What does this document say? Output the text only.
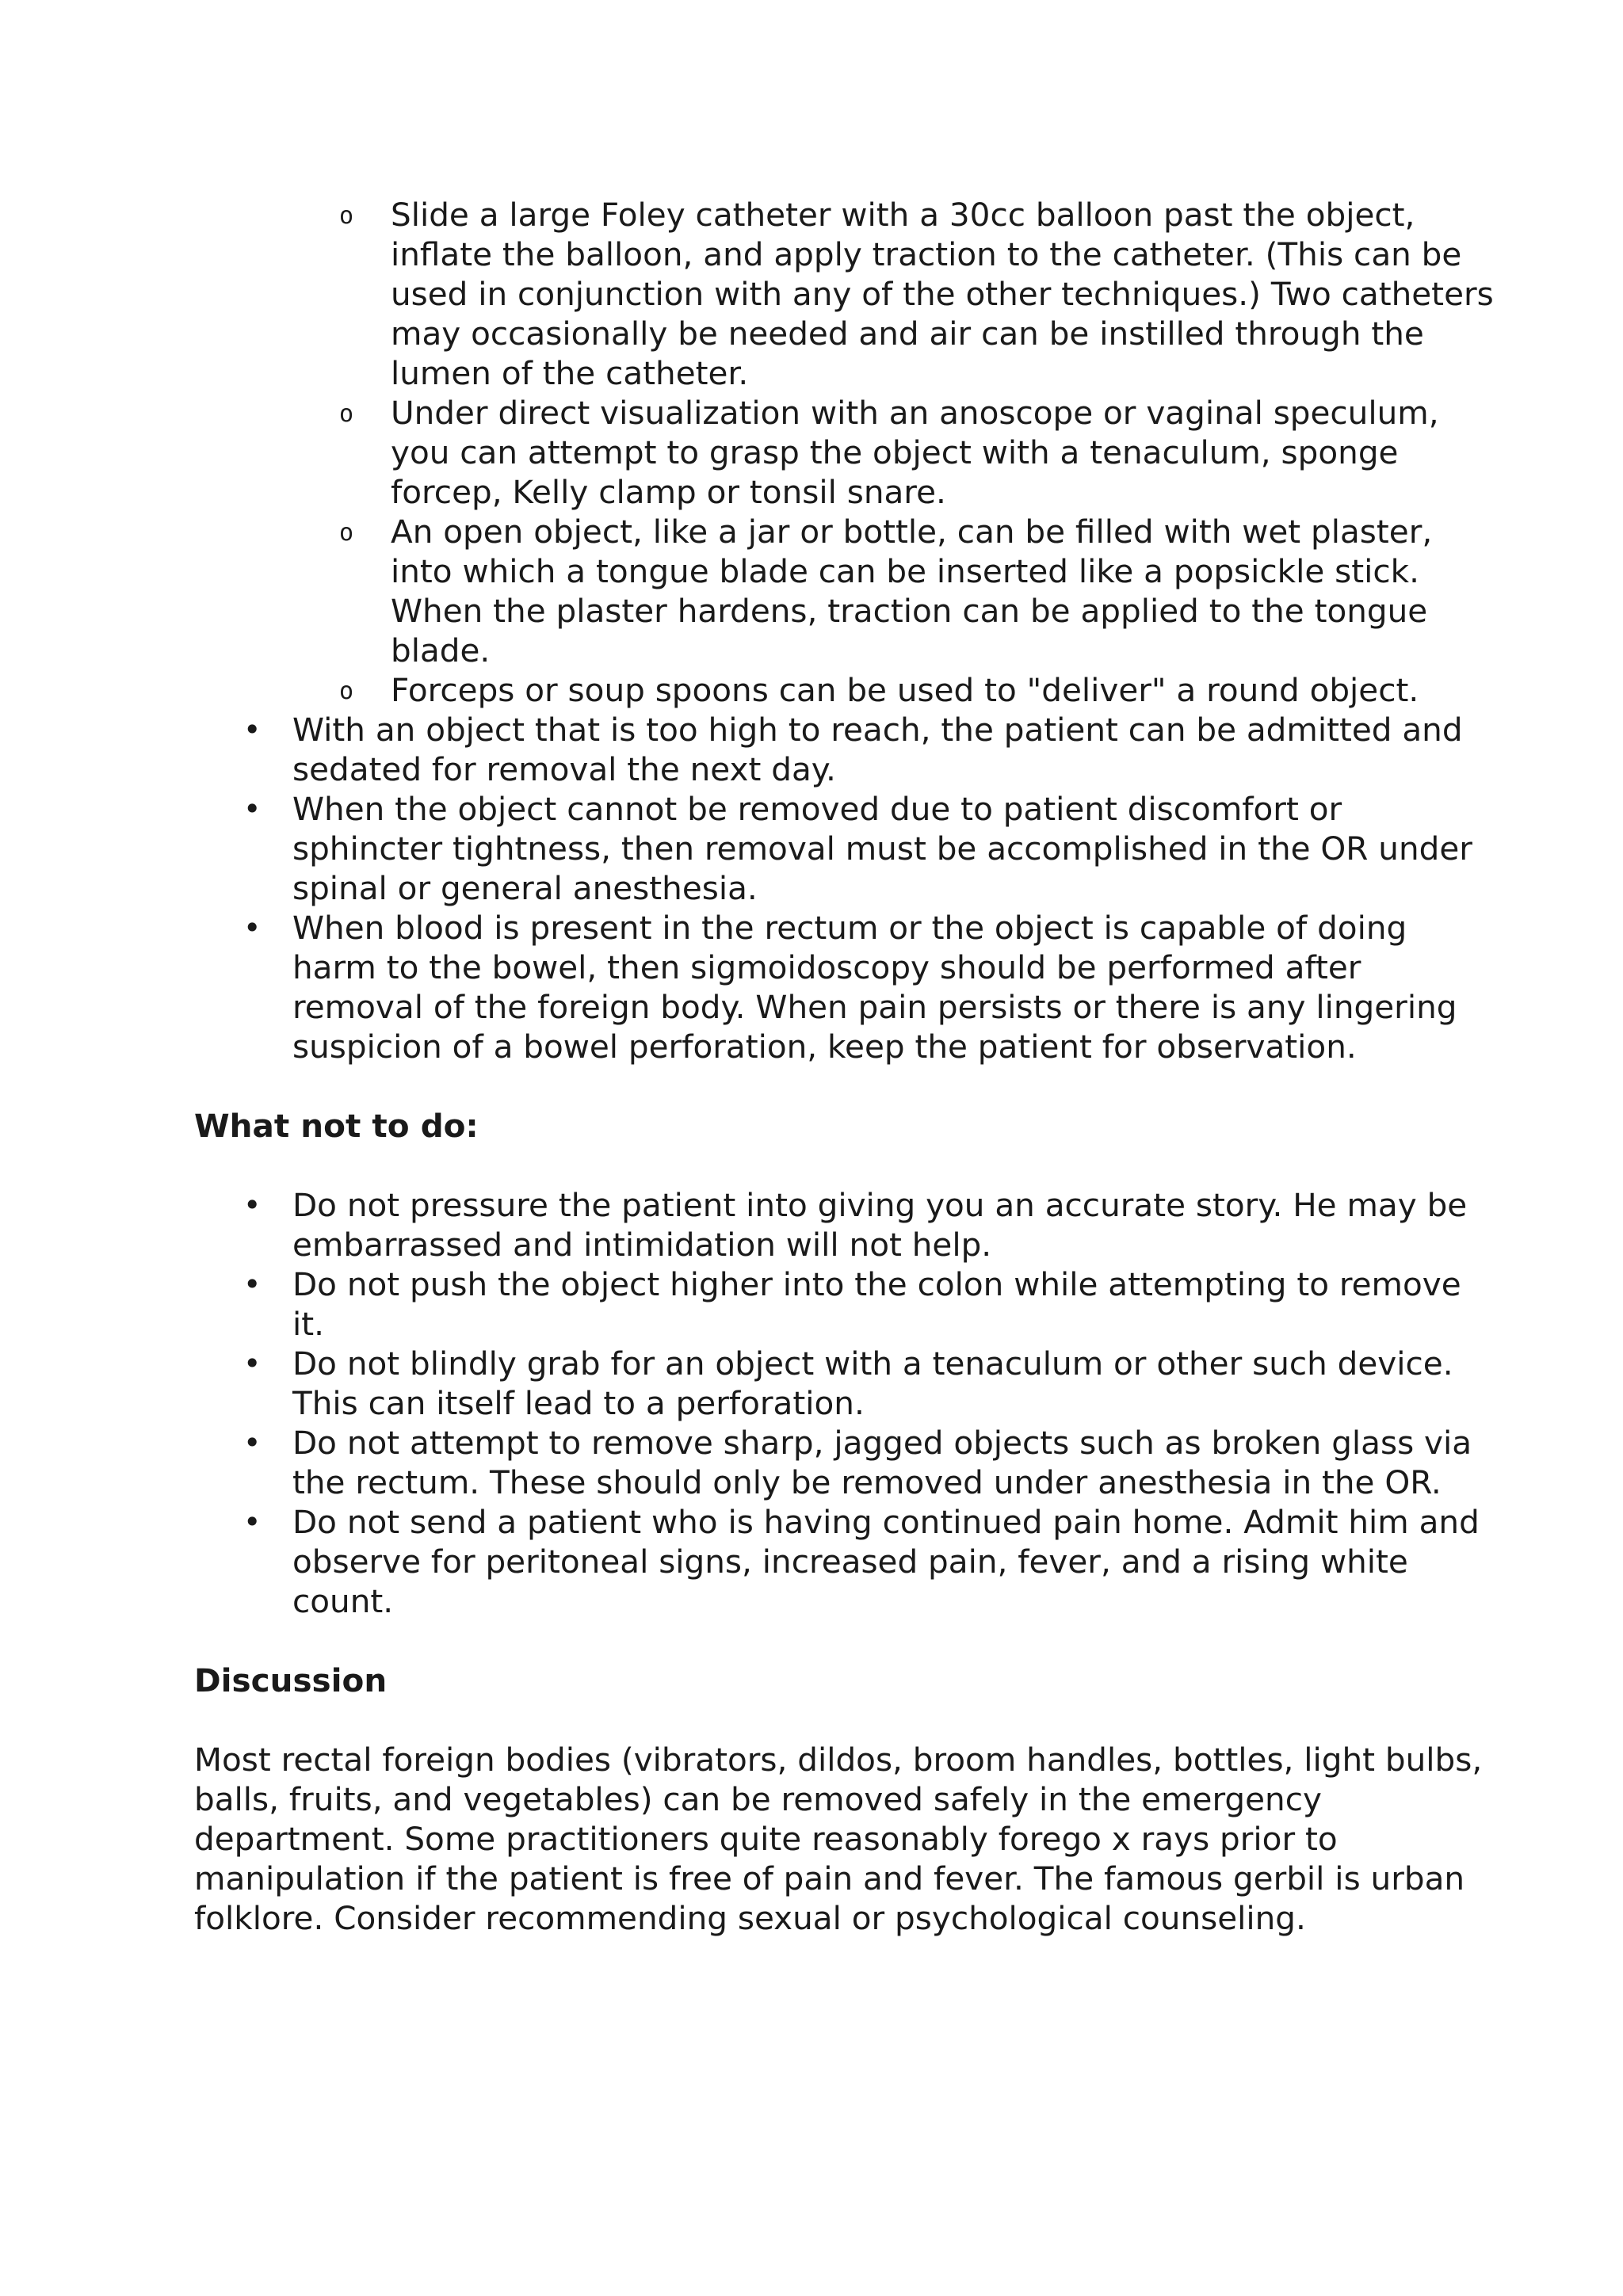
o Slide a large Foley catheter with a 30cc balloon past the object, inflate the balloon, and apply traction to the catheter. (This can be used in conjunction with any of the other techniques.) Two catheters may occasionally be needed and air can be instilled through the lumen of the catheter.
o Under direct visualization with an anoscope or vaginal speculum, you can attempt to grasp the object with a tenaculum, sponge forcep, Kelly clamp or tonsil snare.
o An open object, like a jar or bottle, can be filled with wet plaster, into which a tongue blade can be inserted like a popsickle stick. When the plaster hardens, traction can be applied to the tongue blade.
o Forceps or soup spoons can be used to "deliver" a round object.
• With an object that is too high to reach, the patient can be admitted and sedated for removal the next day.
• When the object cannot be removed due to patient discomfort or sphincter tightness, then removal must be accomplished in the OR under spinal or general anesthesia.
• When blood is present in the rectum or the object is capable of doing harm to the bowel, then sigmoidoscopy should be performed after removal of the foreign body. When pain persists or there is any lingering suspicion of a bowel perforation, keep the patient for observation.
What not to do:
• Do not pressure the patient into giving you an accurate story. He may be embarrassed and intimidation will not help.
• Do not push the object higher into the colon while attempting to remove it.
• Do not blindly grab for an object with a tenaculum or other such device. This can itself lead to a perforation.
• Do not attempt to remove sharp, jagged objects such as broken glass via the rectum. These should only be removed under anesthesia in the OR.
• Do not send a patient who is having continued pain home. Admit him and observe for peritoneal signs, increased pain, fever, and a rising white count.
Discussion

Most rectal foreign bodies (vibrators, dildos, broom handles, bottles, light bulbs, balls, fruits, and vegetables) can be removed safely in the emergency department. Some practitioners quite reasonably forego x rays prior to manipulation if the patient is free of pain and fever. The famous gerbil is urban folklore. Consider recommending sexual or psychological counseling.
